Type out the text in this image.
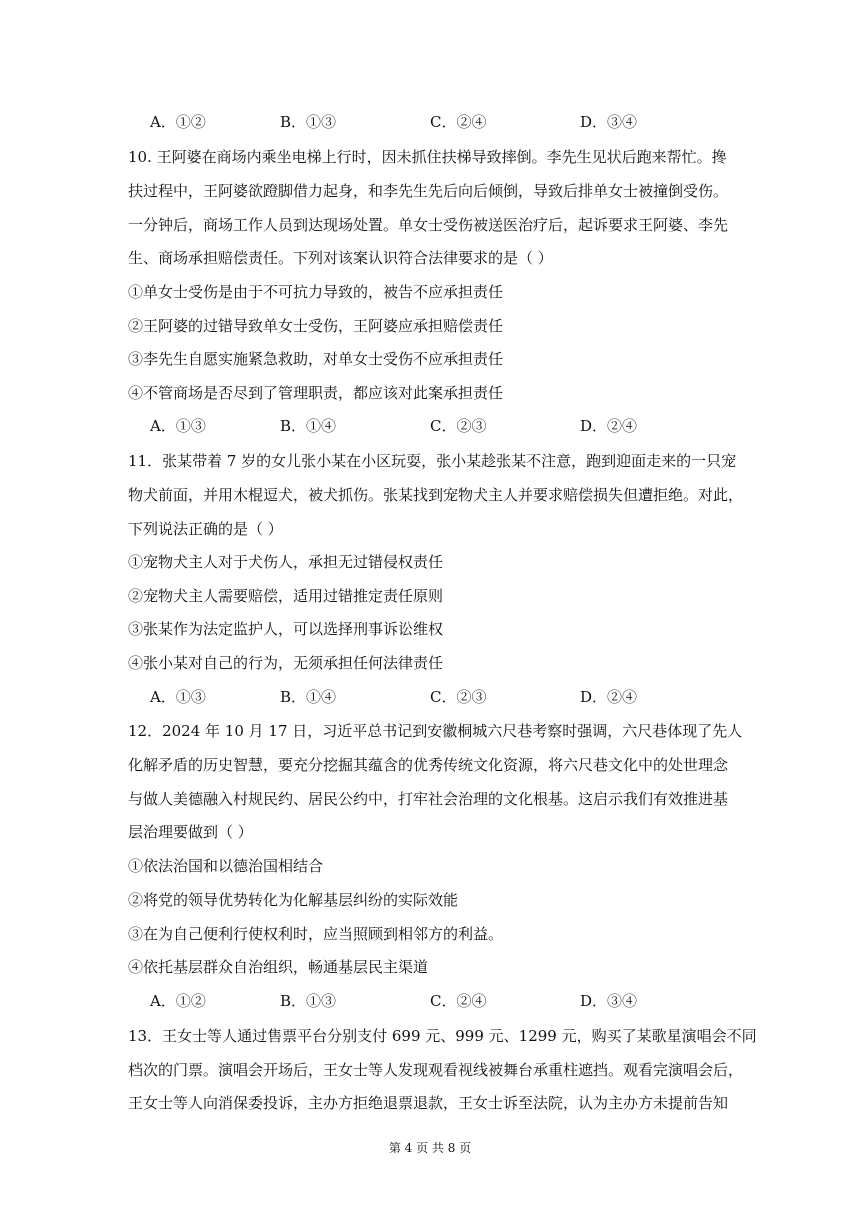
A．①②	B．①③	C．②④	D．③④
10. 王阿婆在商场内乘坐电梯上行时，因未抓住扶梯导致摔倒。李先生见状后跑来帮忙。搀
扶过程中，王阿婆欲蹬脚借力起身，和李先生先后向后倾倒，导致后排单女士被撞倒受伤。
一分钟后，商场工作人员到达现场处置。单女士受伤被送医治疗后，起诉要求王阿婆、李先
生、商场承担赔偿责任。下列对该案认识符合法律要求的是（ ）
①单女士受伤是由于不可抗力导致的，被告不应承担责任
②王阿婆的过错导致单女士受伤，王阿婆应承担赔偿责任
③李先生自愿实施紧急救助，对单女士受伤不应承担责任
④不管商场是否尽到了管理职责，都应该对此案承担责任
A．①③	B．①④	C．②③	D．②④
11．张某带着 7 岁的女儿张小某在小区玩耍，张小某趁张某不注意，跑到迎面走来的一只宠
物犬前面，并用木棍逗犬，被犬抓伤。张某找到宠物犬主人并要求赔偿损失但遭拒绝。对此，
下列说法正确的是（ ）
①宠物犬主人对于犬伤人，承担无过错侵权责任
②宠物犬主人需要赔偿，适用过错推定责任原则
③张某作为法定监护人，可以选择刑事诉讼维权
④张小某对自己的行为，无须承担任何法律责任
A．①③	B．①④	C．②③	D．②④
12．2024 年 10 月 17 日，习近平总书记到安徽桐城六尺巷考察时强调，六尺巷体现了先人
化解矛盾的历史智慧，要充分挖掘其蕴含的优秀传统文化资源，将六尺巷文化中的处世理念
与做人美德融入村规民约、居民公约中，打牢社会治理的文化根基。这启示我们有效推进基
层治理要做到（ ）
①依法治国和以德治国相结合
②将党的领导优势转化为化解基层纠纷的实际效能
③在为自己便利行使权利时，应当照顾到相邻方的利益。
④依托基层群众自治组织，畅通基层民主渠道
A．①②	B．①③	C．②④	D．③④
13．王女士等人通过售票平台分别支付 699 元、999 元、1299 元，购买了某歌星演唱会不同
档次的门票。演唱会开场后，王女士等人发现观看视线被舞台承重柱遮挡。观看完演唱会后，
王女士等人向消保委投诉，主办方拒绝退票退款，王女士诉至法院，认为主办方未提前告知
第 4 页 共 8 页
